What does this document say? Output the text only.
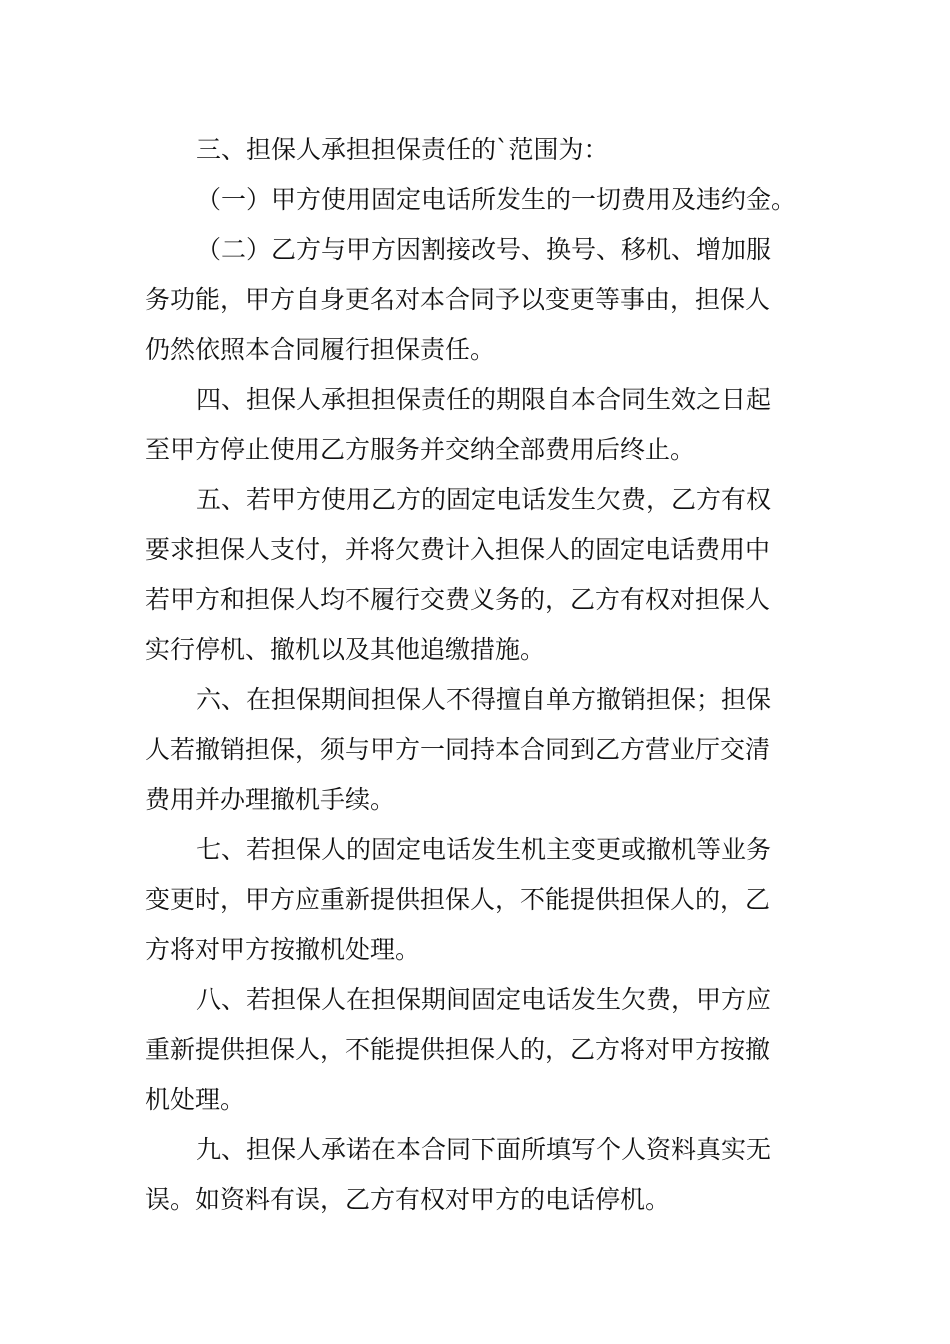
三、担保人承担担保责任的`范围为：
（一）甲方使用固定电话所发生的一切费用及违约金。
（二）乙方与甲方因割接改号、换号、移机、增加服
务功能，甲方自身更名对本合同予以变更等事由，担保人
仍然依照本合同履行担保责任。
四、担保人承担担保责任的期限自本合同生效之日起
至甲方停止使用乙方服务并交纳全部费用后终止。
五、若甲方使用乙方的固定电话发生欠费，乙方有权
要求担保人支付，并将欠费计入担保人的固定电话费用中
若甲方和担保人均不履行交费义务的，乙方有权对担保人
实行停机、撤机以及其他追缴措施。
六、在担保期间担保人不得擅自单方撤销担保；担保
人若撤销担保，须与甲方一同持本合同到乙方营业厅交清
费用并办理撤机手续。
七、若担保人的固定电话发生机主变更或撤机等业务
变更时，甲方应重新提供担保人，不能提供担保人的，乙
方将对甲方按撤机处理。
八、若担保人在担保期间固定电话发生欠费，甲方应
重新提供担保人，不能提供担保人的，乙方将对甲方按撤
机处理。
九、担保人承诺在本合同下面所填写个人资料真实无
误。如资料有误，乙方有权对甲方的电话停机。
